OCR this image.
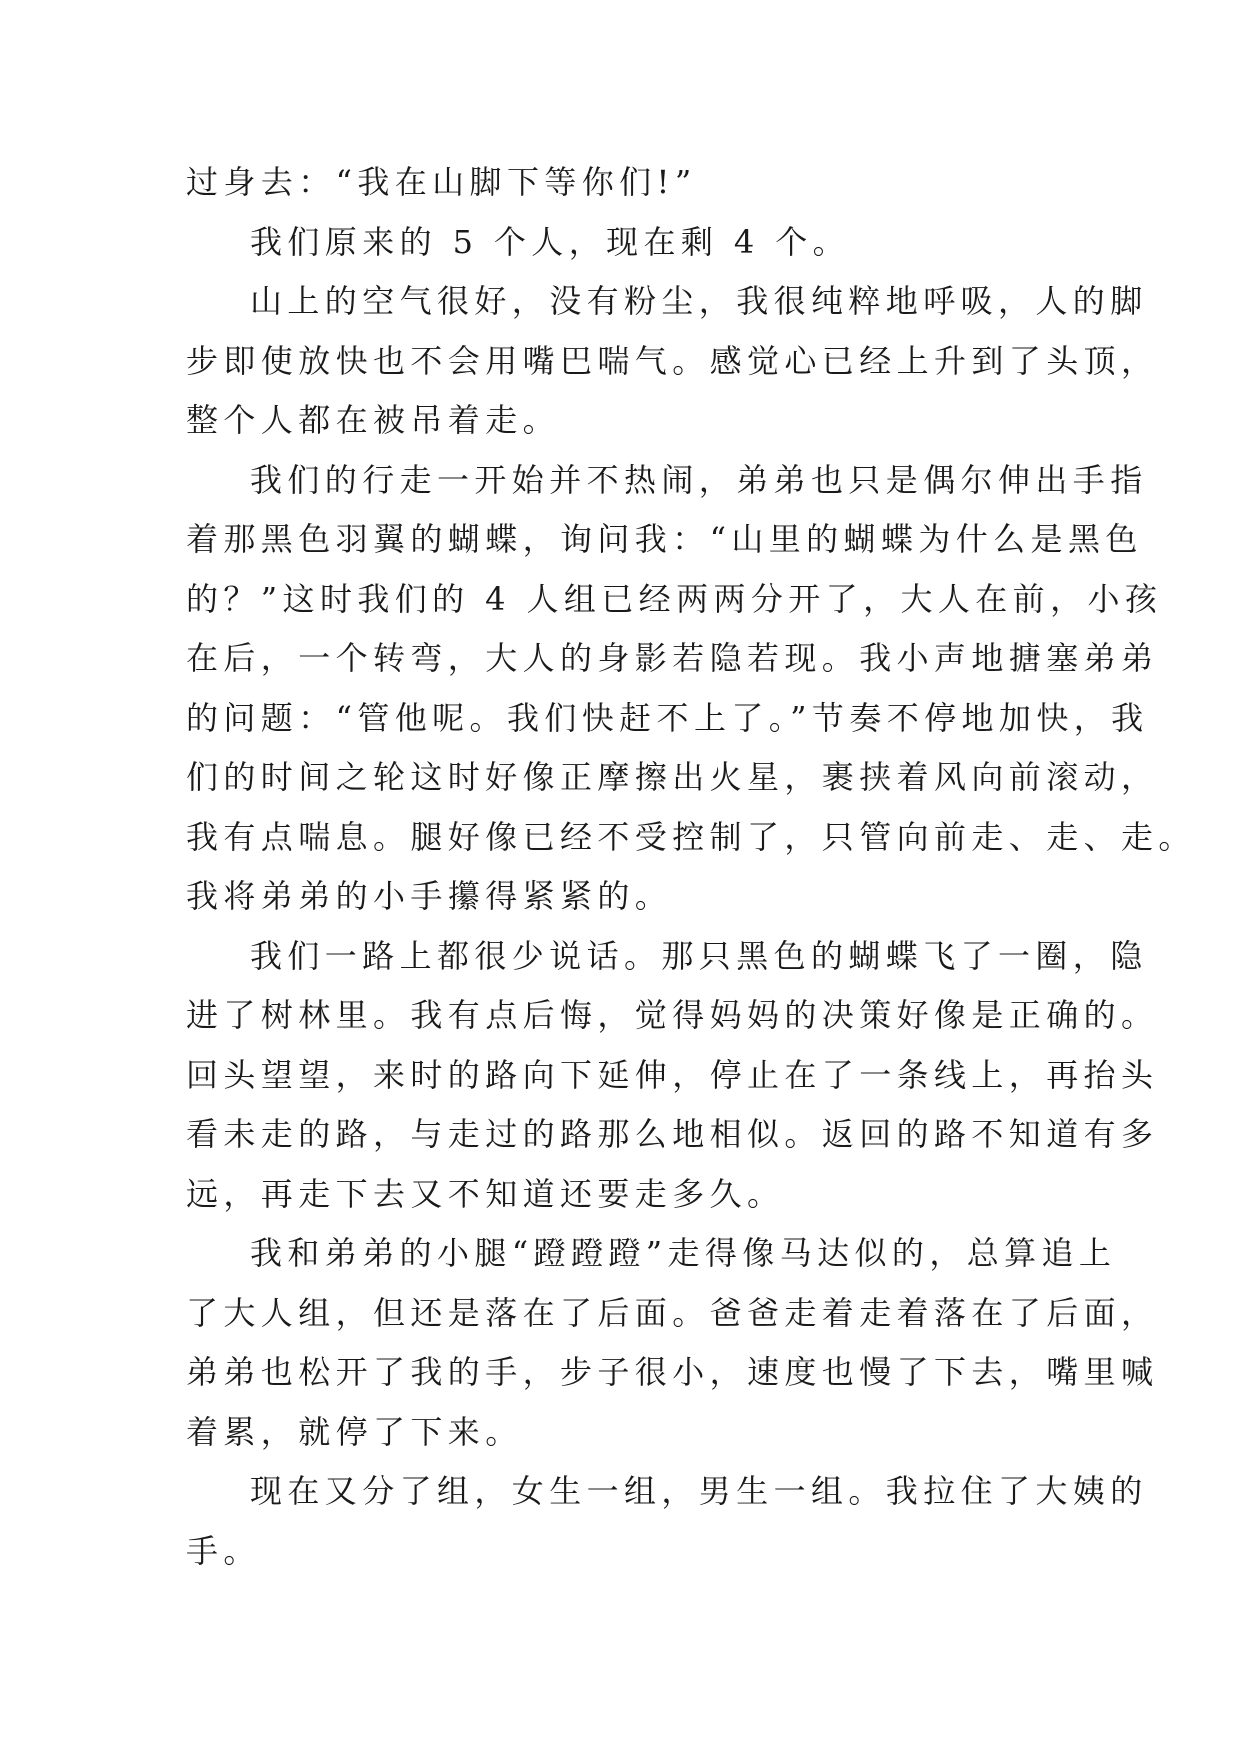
过身去：“我在山脚下等你们!”
我们原来的 5 个人，现在剩 4 个。
山上的空气很好，没有粉尘，我很纯粹地呼吸，人的脚
步即使放快也不会用嘴巴喘气。感觉心已经上升到了头顶，
整个人都在被吊着走。
我们的行走一开始并不热闹，弟弟也只是偶尔伸出手指
着那黑色羽翼的蝴蝶，询问我：“山里的蝴蝶为什么是黑色
的？”这时我们的 4 人组已经两两分开了，大人在前，小孩
在后，一个转弯，大人的身影若隐若现。我小声地搪塞弟弟
的问题：“管他呢。我们快赶不上了。”节奏不停地加快，我
们的时间之轮这时好像正摩擦出火星，裹挟着风向前滚动，
我有点喘息。腿好像已经不受控制了，只管向前走、走、走。
我将弟弟的小手攥得紧紧的。
我们一路上都很少说话。那只黑色的蝴蝶飞了一圈，隐
进了树林里。我有点后悔，觉得妈妈的决策好像是正确的。
回头望望，来时的路向下延伸，停止在了一条线上，再抬头
看未走的路，与走过的路那么地相似。返回的路不知道有多
远，再走下去又不知道还要走多久。
我和弟弟的小腿“蹬蹬蹬”走得像马达似的，总算追上
了大人组，但还是落在了后面。爸爸走着走着落在了后面，
弟弟也松开了我的手，步子很小，速度也慢了下去，嘴里喊
着累，就停了下来。
现在又分了组，女生一组，男生一组。我拉住了大姨的
手。
